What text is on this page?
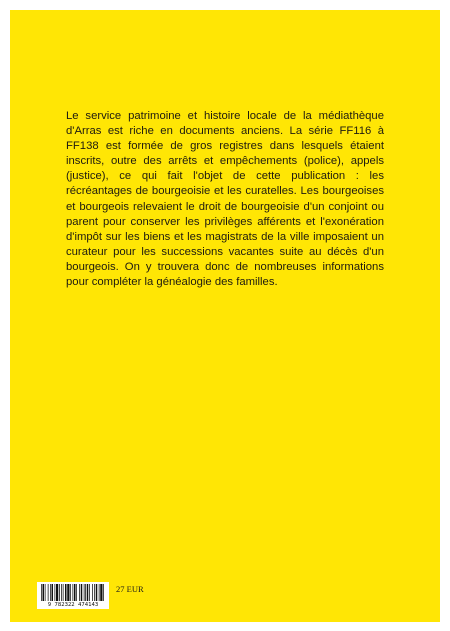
Le service patrimoine et histoire locale de la médiathèque d'Arras est riche en documents anciens. La série FF116 à FF138 est formée de gros registres dans lesquels étaient inscrits, outre des arrêts et empêchements (police), appels (justice), ce qui fait l'objet de cette publication : les récréantages de bourgeoisie et les curatelles. Les bourgeoises et bourgeois relevaient le droit de bourgeoisie d'un conjoint ou parent pour conserver les privilèges afférents et l'exonération d'impôt sur les biens et les magistrats de la ville imposaient un curateur pour les successions vacantes suite au décès d'un bourgeois. On y trouvera donc de nombreuses informations pour compléter la généalogie des familles.

9 782322 474143
27 EUR
